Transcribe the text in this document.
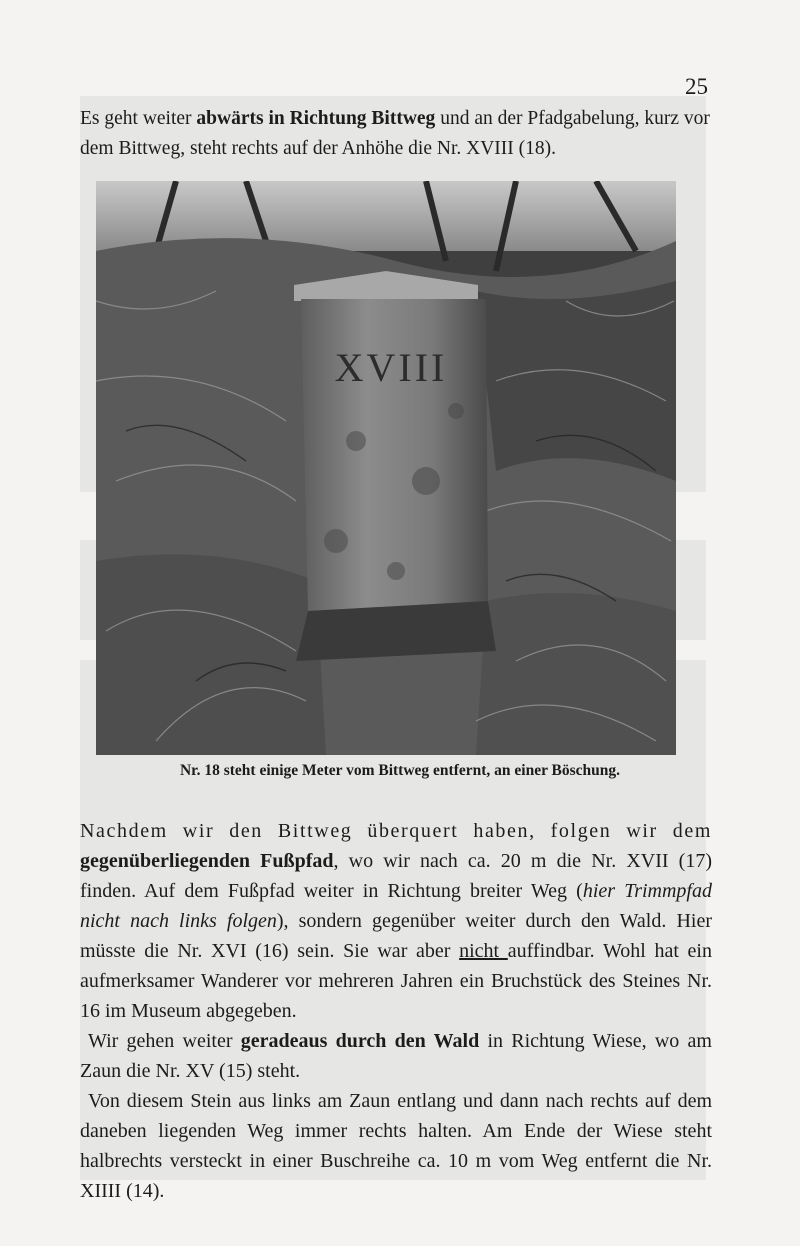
25
Es geht weiter abwärts in Richtung Bittweg und an der Pfadgabelung, kurz vor dem Bittweg, steht rechts auf der Anhöhe die Nr. XVIII (18).
XVIII
Nr. 18 steht einige Meter vom Bittweg entfernt, an einer Böschung.

Nachdem wir den Bittweg überquert haben, folgen wir dem gegenüberliegenden Fußpfad, wo wir nach ca. 20 m die Nr. XVII (17) finden. Auf dem Fußpfad weiter in Richtung breiter Weg (hier Trimmpfad nicht nach links folgen), sondern gegenüber weiter durch den Wald. Hier müsste die Nr. XVI (16) sein. Sie war aber nicht auffindbar. Wohl hat ein aufmerksamer Wanderer vor mehreren Jahren ein Bruchstück des Steines Nr. 16 im Museum abgegeben.

Wir gehen weiter geradeaus durch den Wald in Richtung Wiese, wo am Zaun die Nr. XV (15) steht.

Von diesem Stein aus links am Zaun entlang und dann nach rechts auf dem daneben liegenden Weg immer rechts halten. Am Ende der Wiese steht halbrechts versteckt in einer Buschreihe ca. 10 m vom Weg entfernt die Nr. XIIII (14).
